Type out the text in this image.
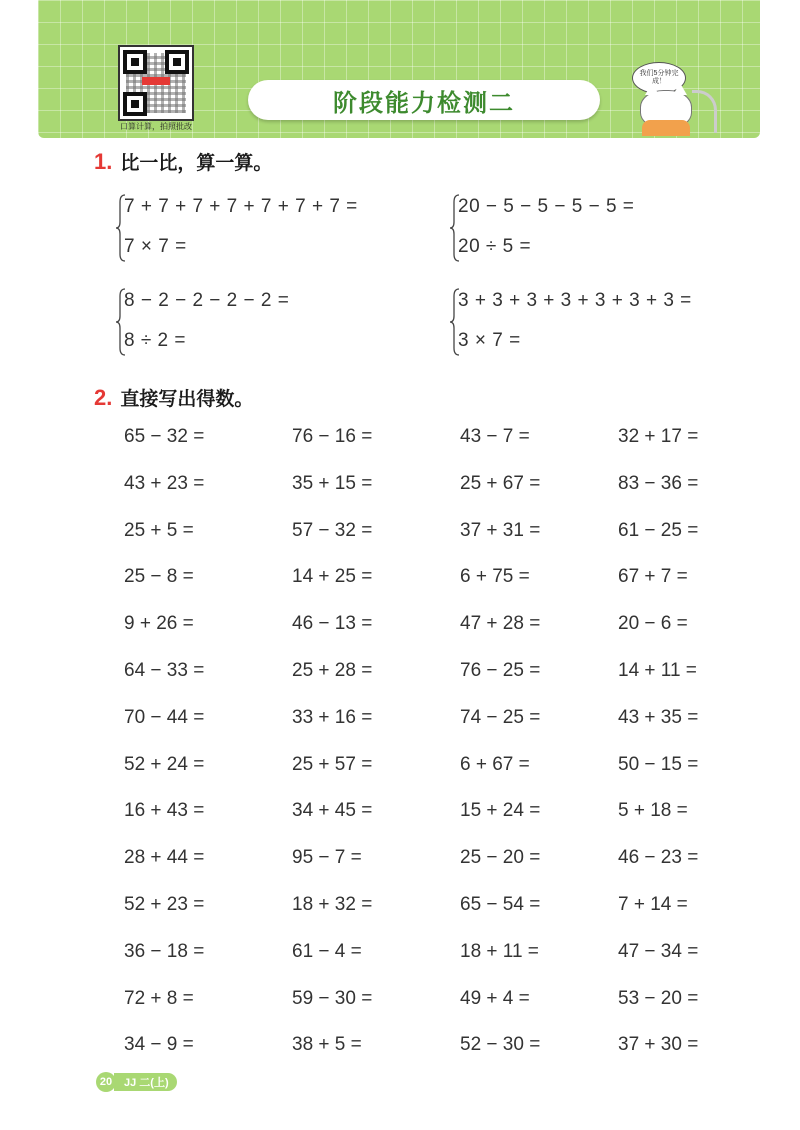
口算计算，拍照批改
阶段能力检测二
我们5分钟完成！
1. 比一比，算一算。
7 + 7 + 7 + 7 + 7 + 7 + 7 =
7 × 7 =
20 − 5 − 5 − 5 − 5 =
20 ÷ 5 =
8 − 2 − 2 − 2 − 2 =
8 ÷ 2 =
3 + 3 + 3 + 3 + 3 + 3 + 3 =
3 × 7 =
2. 直接写出得数。
65 − 32 =	76 − 16 =	43 − 7 =	32 + 17 =
43 + 23 =	35 + 15 =	25 + 67 =	83 − 36 =
25 + 5 =	57 − 32 =	37 + 31 =	61 − 25 =
25 − 8 =	14 + 25 =	6 + 75 =	67 + 7 =
9 + 26 =	46 − 13 =	47 + 28 =	20 − 6 =
64 − 33 =	25 + 28 =	76 − 25 =	14 + 11 =
70 − 44 =	33 + 16 =	74 − 25 =	43 + 35 =
52 + 24 =	25 + 57 =	6 + 67 =	50 − 15 =
16 + 43 =	34 + 45 =	15 + 24 =	5 + 18 =
28 + 44 =	95 − 7 =	25 − 20 =	46 − 23 =
52 + 23 =	18 + 32 =	65 − 54 =	7 + 14 =
36 − 18 =	61 − 4 =	18 + 11 =	47 − 34 =
72 + 8 =	59 − 30 =	49 + 4 =	53 − 20 =
34 − 9 =	38 + 5 =	52 − 30 =	37 + 30 =
JJ 二(上)
20
